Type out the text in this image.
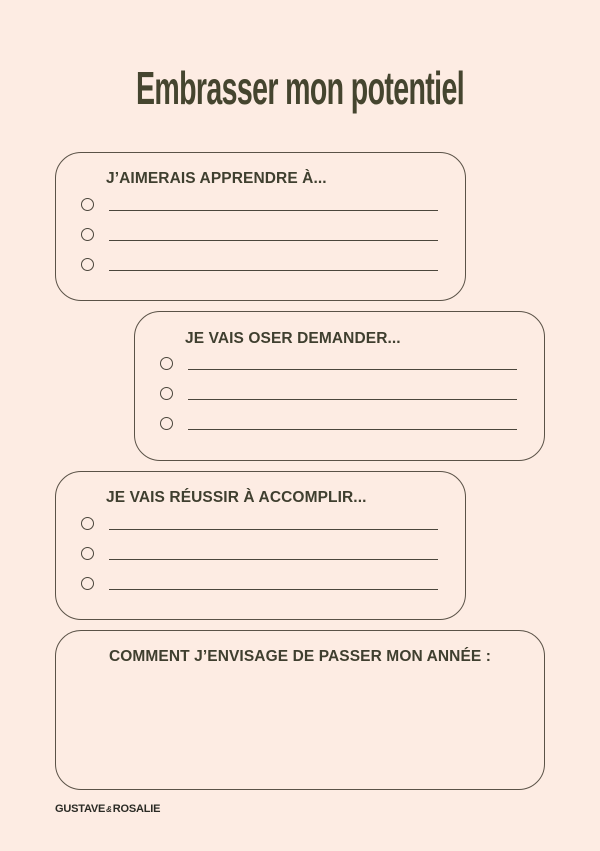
Embrasser mon potentiel
J’AIMERAIS APPRENDRE À...
JE VAIS OSER DEMANDER...
JE VAIS RÉUSSIR À ACCOMPLIR...
COMMENT J’ENVISAGE DE PASSER MON ANNÉE :
GUSTAVE&ROSALIE
